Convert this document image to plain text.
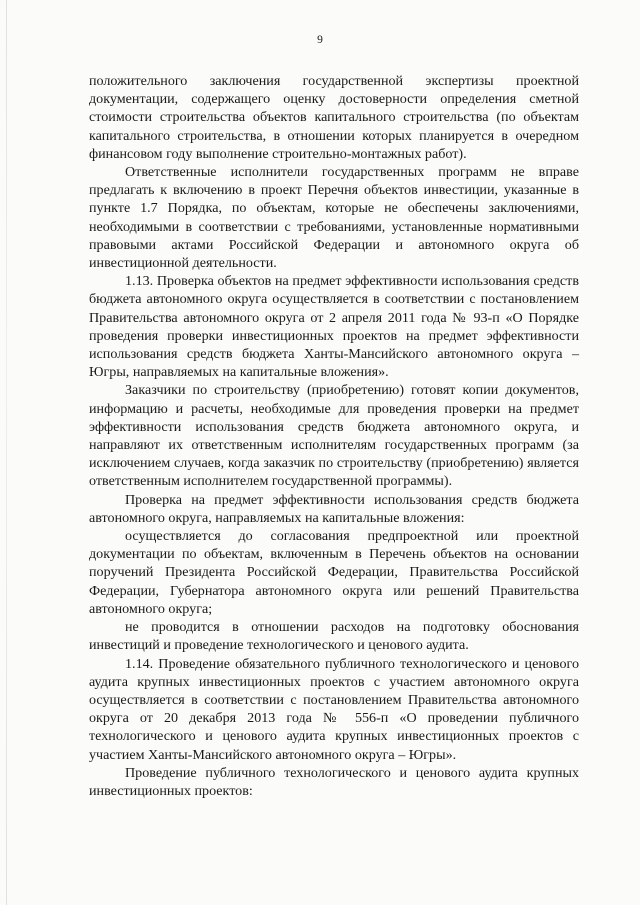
9

положительного заключения государственной экспертизы проектной документации, содержащего оценку достоверности определения сметной стоимости строительства объектов капитального строительства (по объектам капитального строительства, в отношении которых планируется в очередном финансовом году выполнение строительно-монтажных работ).

Ответственные исполнители государственных программ не вправе предлагать к включению в проект Перечня объектов инвестиции, указанные в пункте 1.7 Порядка, по объектам, которые не обеспечены заключениями, необходимыми в соответствии с требованиями, установленные нормативными правовыми актами Российской Федерации и автономного округа об инвестиционной деятельности.

1.13. Проверка объектов на предмет эффективности использования средств бюджета автономного округа осуществляется в соответствии с постановлением Правительства автономного округа от 2 апреля 2011 года № 93-п «О Порядке проведения проверки инвестиционных проектов на предмет эффективности использования средств бюджета Ханты-Мансийского автономного округа – Югры, направляемых на капитальные вложения».

Заказчики по строительству (приобретению) готовят копии документов, информацию и расчеты, необходимые для проведения проверки на предмет эффективности использования средств бюджета автономного округа, и направляют их ответственным исполнителям государственных программ (за исключением случаев, когда заказчик по строительству (приобретению) является ответственным исполнителем государственной программы).

Проверка на предмет эффективности использования средств бюджета автономного округа, направляемых на капитальные вложения:

осуществляется до согласования предпроектной или проектной документации по объектам, включенным в Перечень объектов на основании поручений Президента Российской Федерации, Правительства Российской Федерации, Губернатора автономного округа или решений Правительства автономного округа;

не проводится в отношении расходов на подготовку обоснования инвестиций и проведение технологического и ценового аудита.

1.14. Проведение обязательного публичного технологического и ценового аудита крупных инвестиционных проектов с участием автономного округа осуществляется в соответствии с постановлением Правительства автономного округа от 20 декабря 2013 года № 556-п «О проведении публичного технологического и ценового аудита крупных инвестиционных проектов с участием Ханты-Мансийского автономного округа – Югры».

Проведение публичного технологического и ценового аудита крупных инвестиционных проектов:
